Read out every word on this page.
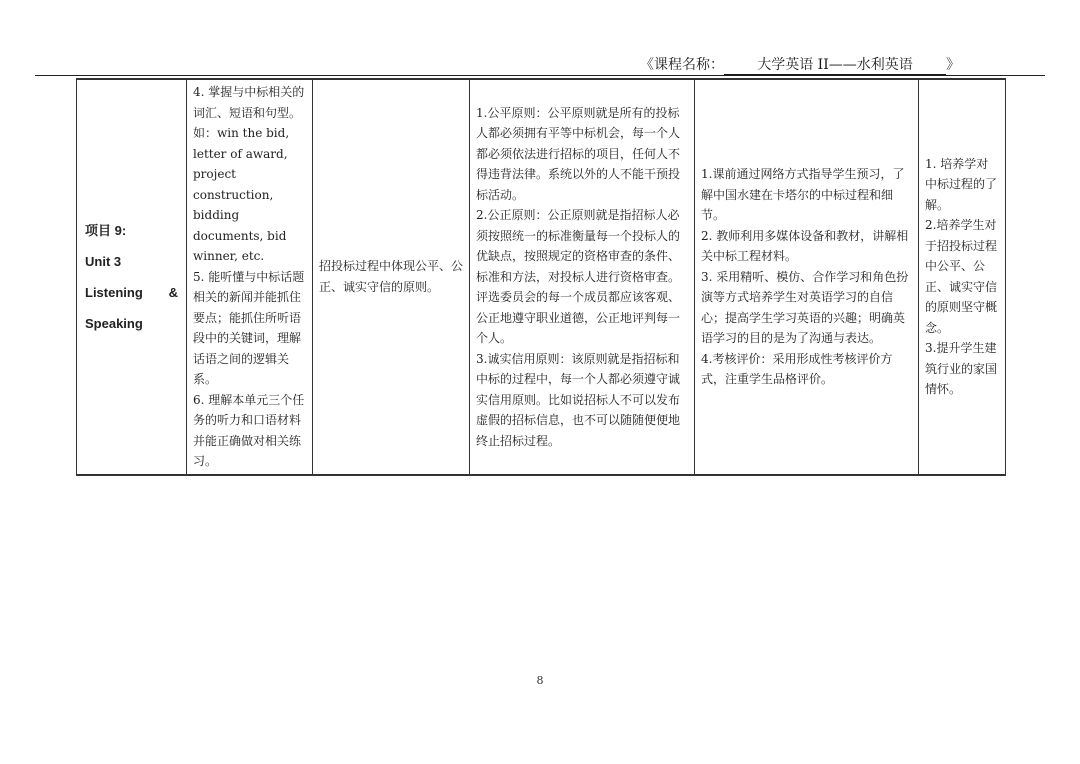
《课程名称： 大学英语 II——水利英语 》
项目 9:
Unit 3
Listening &
Speaking

4. 掌握与中标相关的词汇、短语和句型。如：win the bid, letter of award, project construction, bidding documents, bid winner, etc.
5. 能听懂与中标话题相关的新闻并能抓住要点；能抓住所听语段中的关键词，理解话语之间的逻辑关系。
6. 理解本单元三个任务的听力和口语材料并能正确做对相关练习。

招投标过程中体现公平、公正、诚实守信的原则。

1.公平原则：公平原则就是所有的投标人都必须拥有平等中标机会，每一个人都必须依法进行招标的项目，任何人不得违背法律。系统以外的人不能干预投标活动。
2.公正原则：公正原则就是指招标人必须按照统一的标准衡量每一个投标人的优缺点，按照规定的资格审查的条件、标准和方法，对投标人进行资格审查。评选委员会的每一个成员都应该客观、公正地遵守职业道德，公正地评判每一个人。
3.诚实信用原则：该原则就是指招标和中标的过程中，每一个人都必须遵守诚实信用原则。比如说招标人不可以发布虚假的招标信息，也不可以随随便便地终止招标过程。

1.课前通过网络方式指导学生预习，了解中国水建在卡塔尔的中标过程和细节。
2. 教师利用多媒体设备和教材，讲解相关中标工程材料。
3. 采用精听、模仿、合作学习和角色扮演等方式培养学生对英语学习的自信心；提高学生学习英语的兴趣；明确英语学习的目的是为了沟通与表达。
4.考核评价：采用形成性考核评价方式，注重学生品格评价。

1. 培养学对中标过程的了解。
2.培养学生对于招投标过程中公平、公正、诚实守信的原则坚守概念。
3.提升学生建筑行业的家国情怀。
8
